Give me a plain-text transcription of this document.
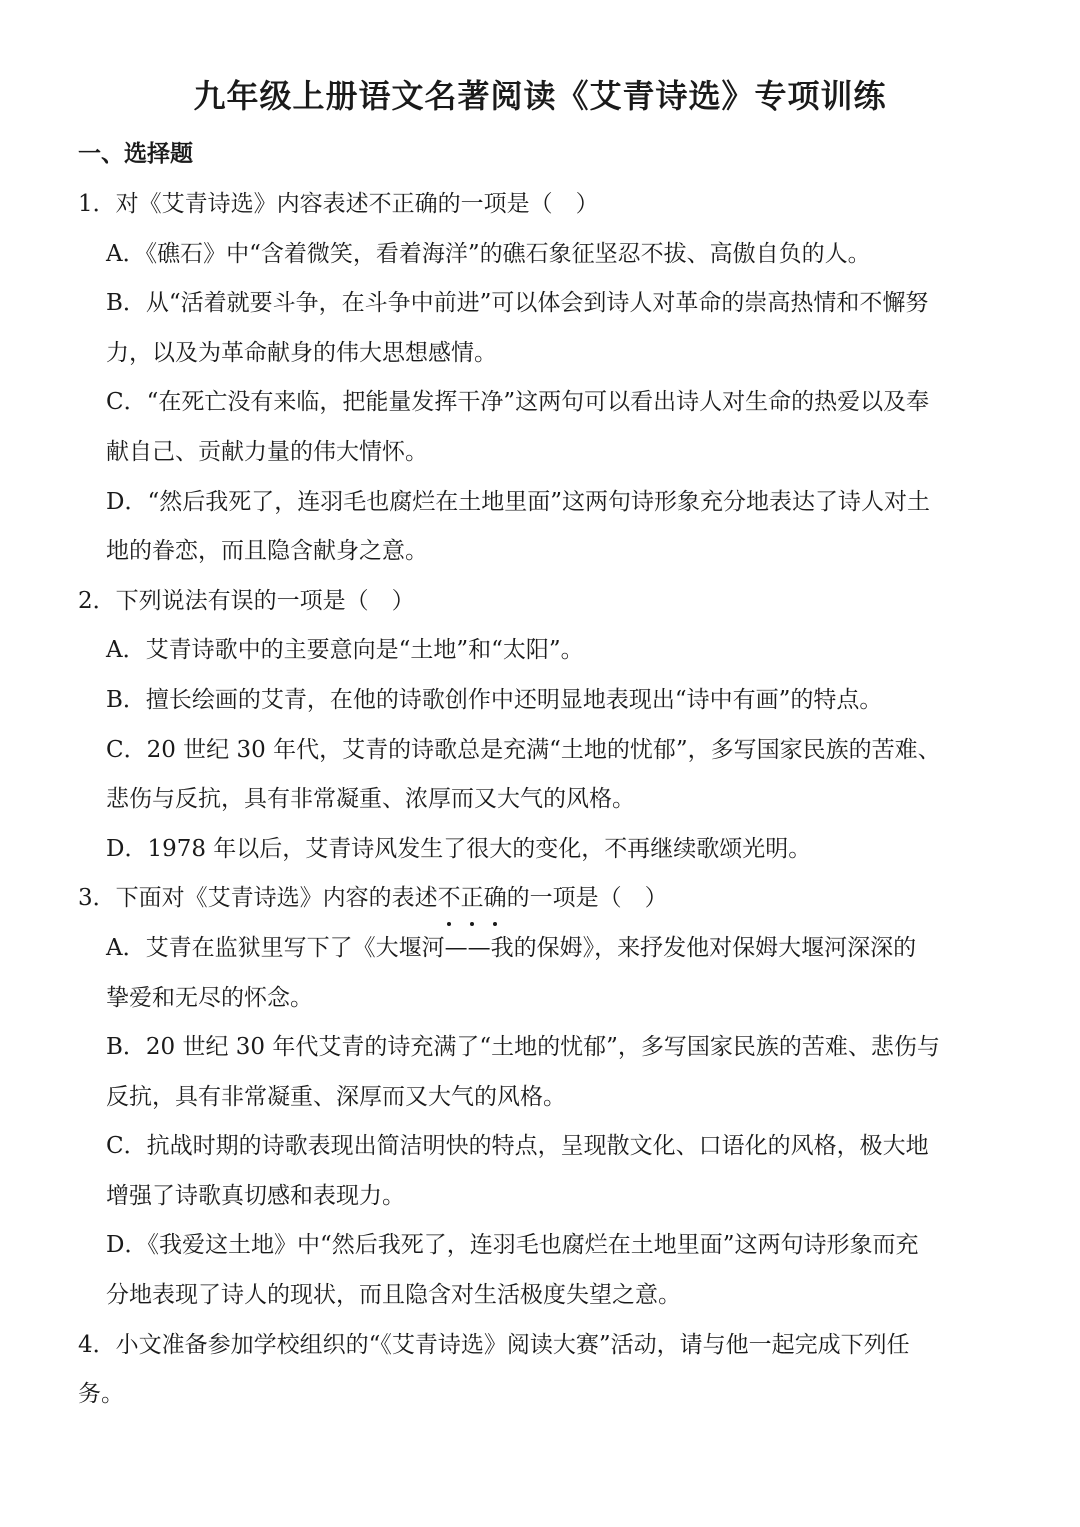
九年级上册语文名著阅读《艾青诗选》专项训练
一、选择题
1．对《艾青诗选》内容表述不正确的一项是（　）
A．《礁石》中“含着微笑，看着海洋”的礁石象征坚忍不拔、高傲自负的人。
B．从“活着就要斗争，在斗争中前进”可以体会到诗人对革命的崇高热情和不懈努
力，以及为革命献身的伟大思想感情。
C．“在死亡没有来临，把能量发挥干净”这两句可以看出诗人对生命的热爱以及奉
献自己、贡献力量的伟大情怀。
D．“然后我死了，连羽毛也腐烂在土地里面”这两句诗形象充分地表达了诗人对土
地的眷恋，而且隐含献身之意。
2．下列说法有误的一项是（　）
A．艾青诗歌中的主要意向是“土地”和“太阳”。
B．擅长绘画的艾青，在他的诗歌创作中还明显地表现出“诗中有画”的特点。
C．20 世纪 30 年代，艾青的诗歌总是充满“土地的忧郁”，多写国家民族的苦难、
悲伤与反抗，具有非常凝重、浓厚而又大气的风格。
D．1978 年以后，艾青诗风发生了很大的变化，不再继续歌颂光明。
3．下面对《艾青诗选》内容的表述不正确
的一项是（　）
A．艾青在监狱里写下了《大堰河——我的保姆》，来抒发他对保姆大堰河深深的
挚爱和无尽的怀念。
B．20 世纪 30 年代艾青的诗充满了“土地的忧郁”，多写国家民族的苦难、悲伤与
反抗，具有非常凝重、深厚而又大气的风格。
C．抗战时期的诗歌表现出简洁明快的特点，呈现散文化、口语化的风格，极大地
增强了诗歌真切感和表现力。
D．《我爱这土地》中“然后我死了，连羽毛也腐烂在土地里面”这两句诗形象而充
分地表现了诗人的现状，而且隐含对生活极度失望之意。
4．小文准备参加学校组织的“《艾青诗选》阅读大赛”活动，请与他一起完成下列任
务。
